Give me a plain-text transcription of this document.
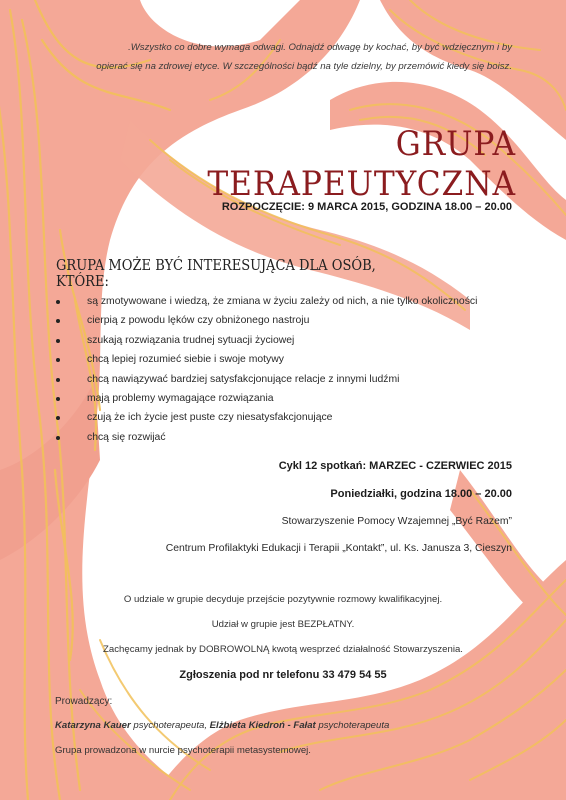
.Wszystko co dobre wymaga odwagi. Odnajdź odwagę by kochać, by być wdzięcznym i by
opierać się na zdrowej etyce. W szczególności bądź na tyle dzielny, by przemówić kiedy się boisz.
GRUPA TERAPEUTYCZNA
ROZPOCZĘCIE: 9 MARCA 2015, GODZINA 18.00 – 20.00
GRUPA MOŻE BYĆ INTERESUJĄCA DLA OSÓB, KTÓRE:
są zmotywowane i wiedzą, że zmiana w życiu zależy od nich, a nie tylko okoliczności
cierpią z powodu lęków czy obniżonego nastroju
szukają rozwiązania trudnej sytuacji życiowej
chcą lepiej rozumieć siebie i swoje motywy
chcą nawiązywać bardziej satysfakcjonujące relacje z innymi ludźmi
mają problemy wymagające rozwiązania
czują że ich życie jest puste czy niesatysfakcjonujące
chcą się rozwijać
Cykl 12 spotkań: MARZEC - CZERWIEC 2015
Poniedziałki, godzina 18.00 – 20.00
Stowarzyszenie Pomocy Wzajemnej „Być Razem”
Centrum Profilaktyki Edukacji i Terapii „Kontakt”, ul. Ks. Janusza 3, Cieszyn
O udziale w grupie decyduje przejście pozytywnie rozmowy kwalifikacyjnej.
Udział w grupie jest BEZPŁATNY.
Zachęcamy jednak by DOBROWOLNĄ kwotą wesprzeć działalność Stowarzyszenia.
Zgłoszenia pod nr telefonu 33 479 54 55
Prowadzący:
Katarzyna Kauer psychoterapeuta, Elżbieta Kiedroń - Fałat psychoterapeuta
Grupa prowadzona w nurcie psychoterapii metasystemowej.
